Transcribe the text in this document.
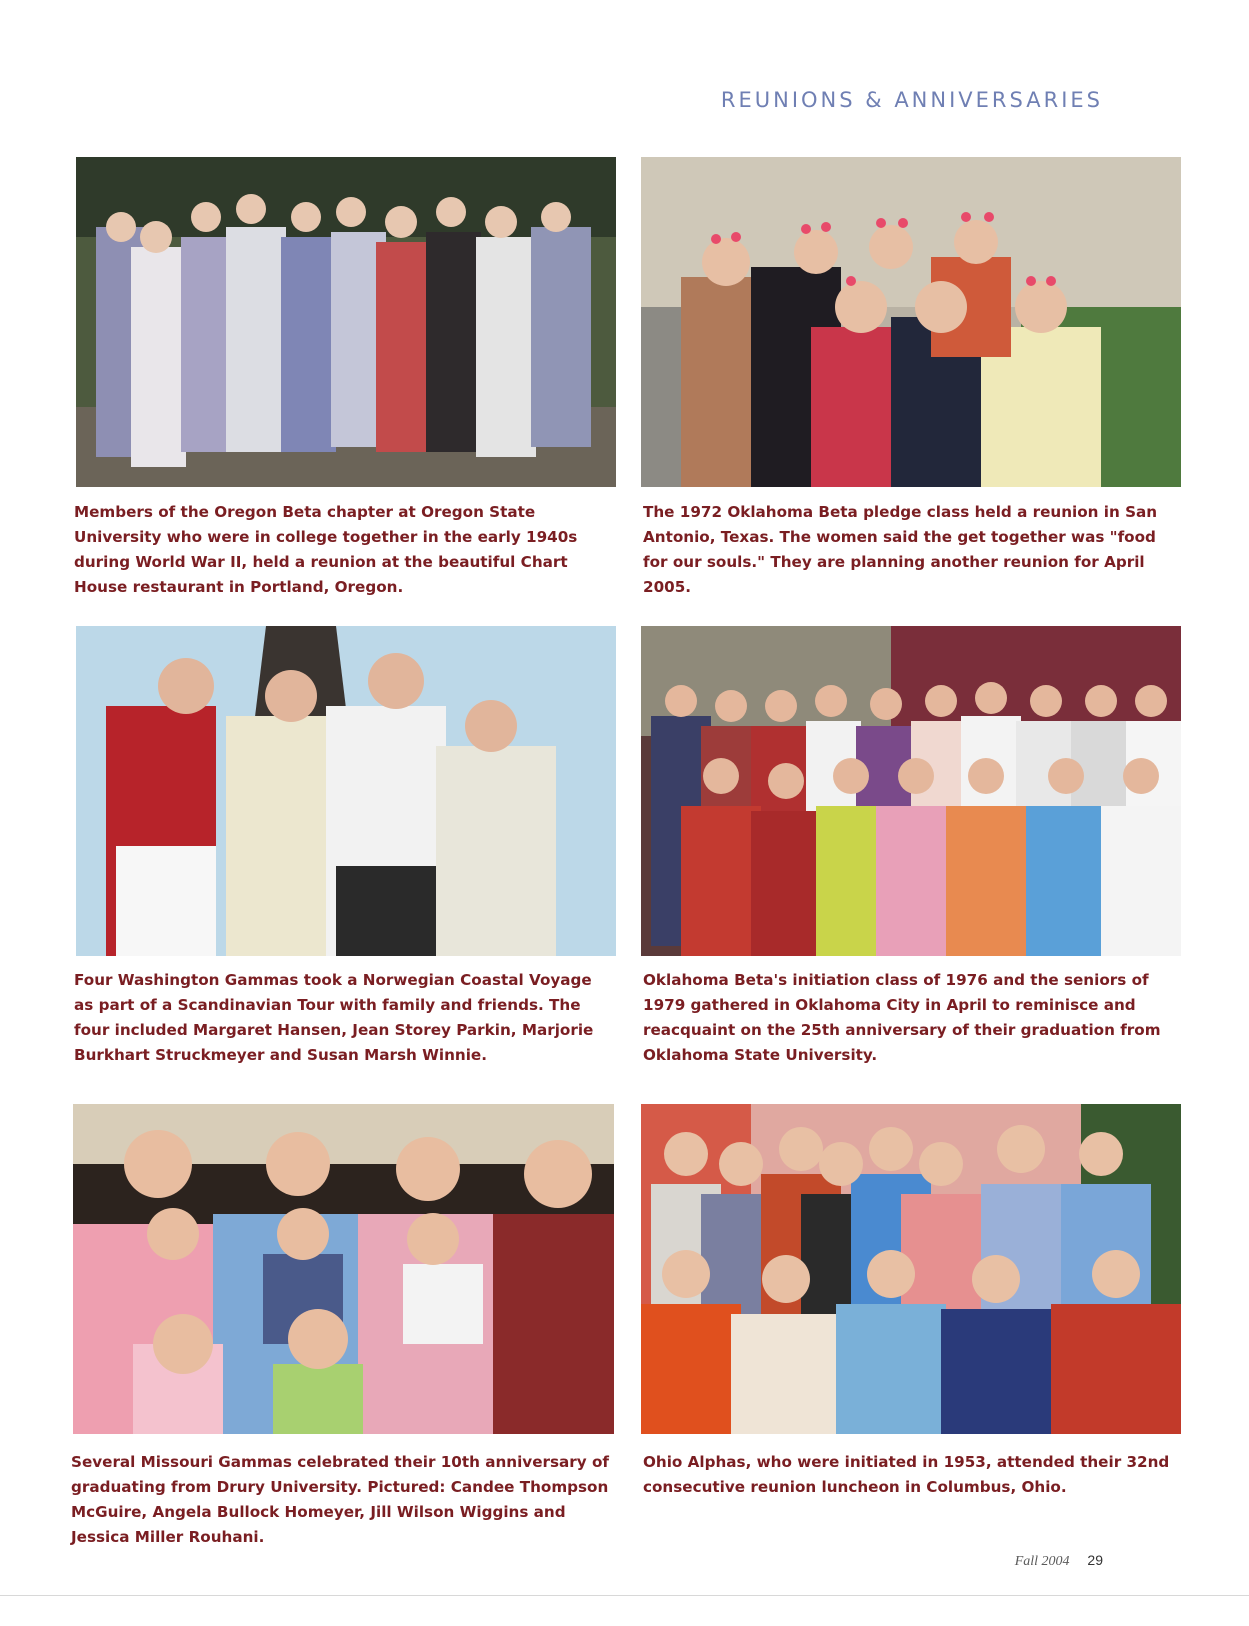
REUNIONS & ANNIVERSARIES

Members of the Oregon Beta chapter at Oregon State University who were in college together in the early 1940s during World War II, held a reunion at the beautiful Chart House restaurant in Portland, Oregon.

The 1972 Oklahoma Beta pledge class held a reunion in San Antonio, Texas. The women said the get together was "food for our souls." They are planning another reunion for April 2005.

Four Washington Gammas took a Norwegian Coastal Voyage as part of a Scandinavian Tour with family and friends. The four included Margaret Hansen, Jean Storey Parkin, Marjorie Burkhart Struckmeyer and Susan Marsh Winnie.

Oklahoma Beta's initiation class of 1976 and the seniors of 1979 gathered in Oklahoma City in April to reminisce and reacquaint on the 25th anniversary of their graduation from Oklahoma State University.

Several Missouri Gammas celebrated their 10th anniversary of graduating from Drury University. Pictured: Candee Thompson McGuire, Angela Bullock Homeyer, Jill Wilson Wiggins and Jessica Miller Rouhani.

Ohio Alphas, who were initiated in 1953, attended their 32nd consecutive reunion luncheon in Columbus, Ohio.

Fall 2004 29
